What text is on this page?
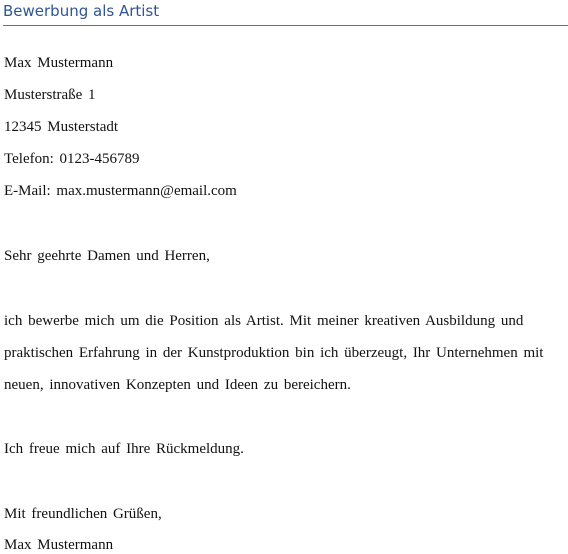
Bewerbung als Artist
Max Mustermann
Musterstraße 1
12345 Musterstadt
Telefon: 0123-456789
E-Mail: max.mustermann@email.com
Sehr geehrte Damen und Herren,
ich bewerbe mich um die Position als Artist. Mit meiner kreativen Ausbildung und
praktischen Erfahrung in der Kunstproduktion bin ich überzeugt, Ihr Unternehmen mit
neuen, innovativen Konzepten und Ideen zu bereichern.
Ich freue mich auf Ihre Rückmeldung.
Mit freundlichen Grüßen,
Max Mustermann
